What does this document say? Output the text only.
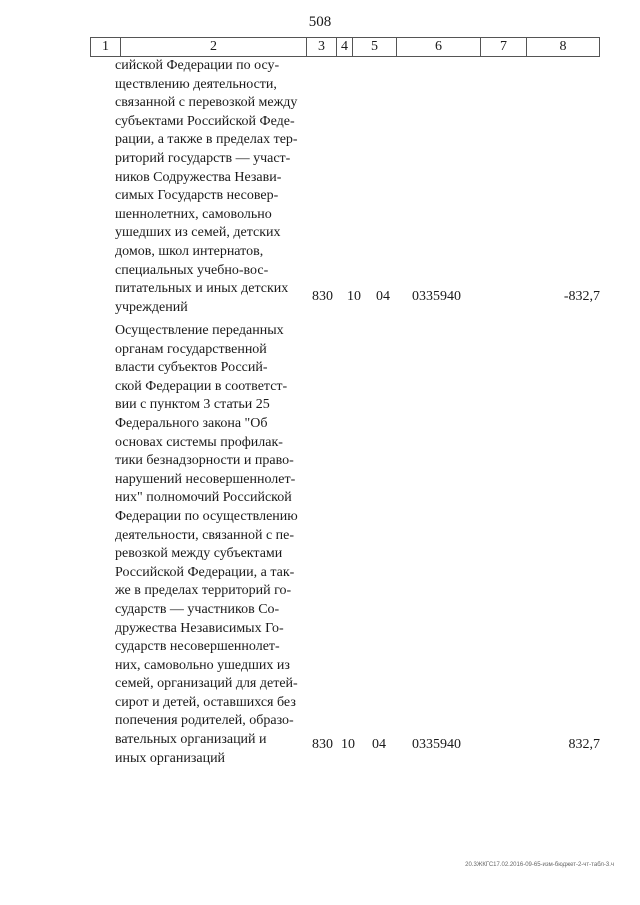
508
1	2	3	4	5	6	7	8
сийской Федерации по осу-
ществлению деятельности,
связанной с перевозкой между
субъектами Российской Феде-
рации, а также в пределах тер-
риторий государств — участ-
ников Содружества Незави-
симых Государств несовер-
шеннолетних, самовольно
ушедших из семей, детских
домов, школ интернатов,
специальных учебно-вос-
питательных и иных детских
учреждений
830 10 04 0335940	-832,7
Осуществление переданных
органам государственной
власти субъектов Россий-
ской Федерации в соответст-
вии с пунктом 3 статьи 25
Федерального закона "Об
основах системы профилак-
тики безнадзорности и право-
нарушений несовершеннолет-
них" полномочий Российской
Федерации по осуществлению
деятельности, связанной с пе-
ревозкой между субъектами
Российской Федерации, а так-
же в пределах территорий го-
сударств — участников Со-
дружества Независимых Го-
сударств несовершеннолет-
них, самовольно ушедших из
семей, организаций для детей-
сирот и детей, оставшихся без
попечения родителей, образо-
вательных организаций и
иных организаций
830 10 04 0335940	832,7
20.3ЖКГС17.02.2016-09-65-изм-бюджет-2-чт-табл-3.ч
